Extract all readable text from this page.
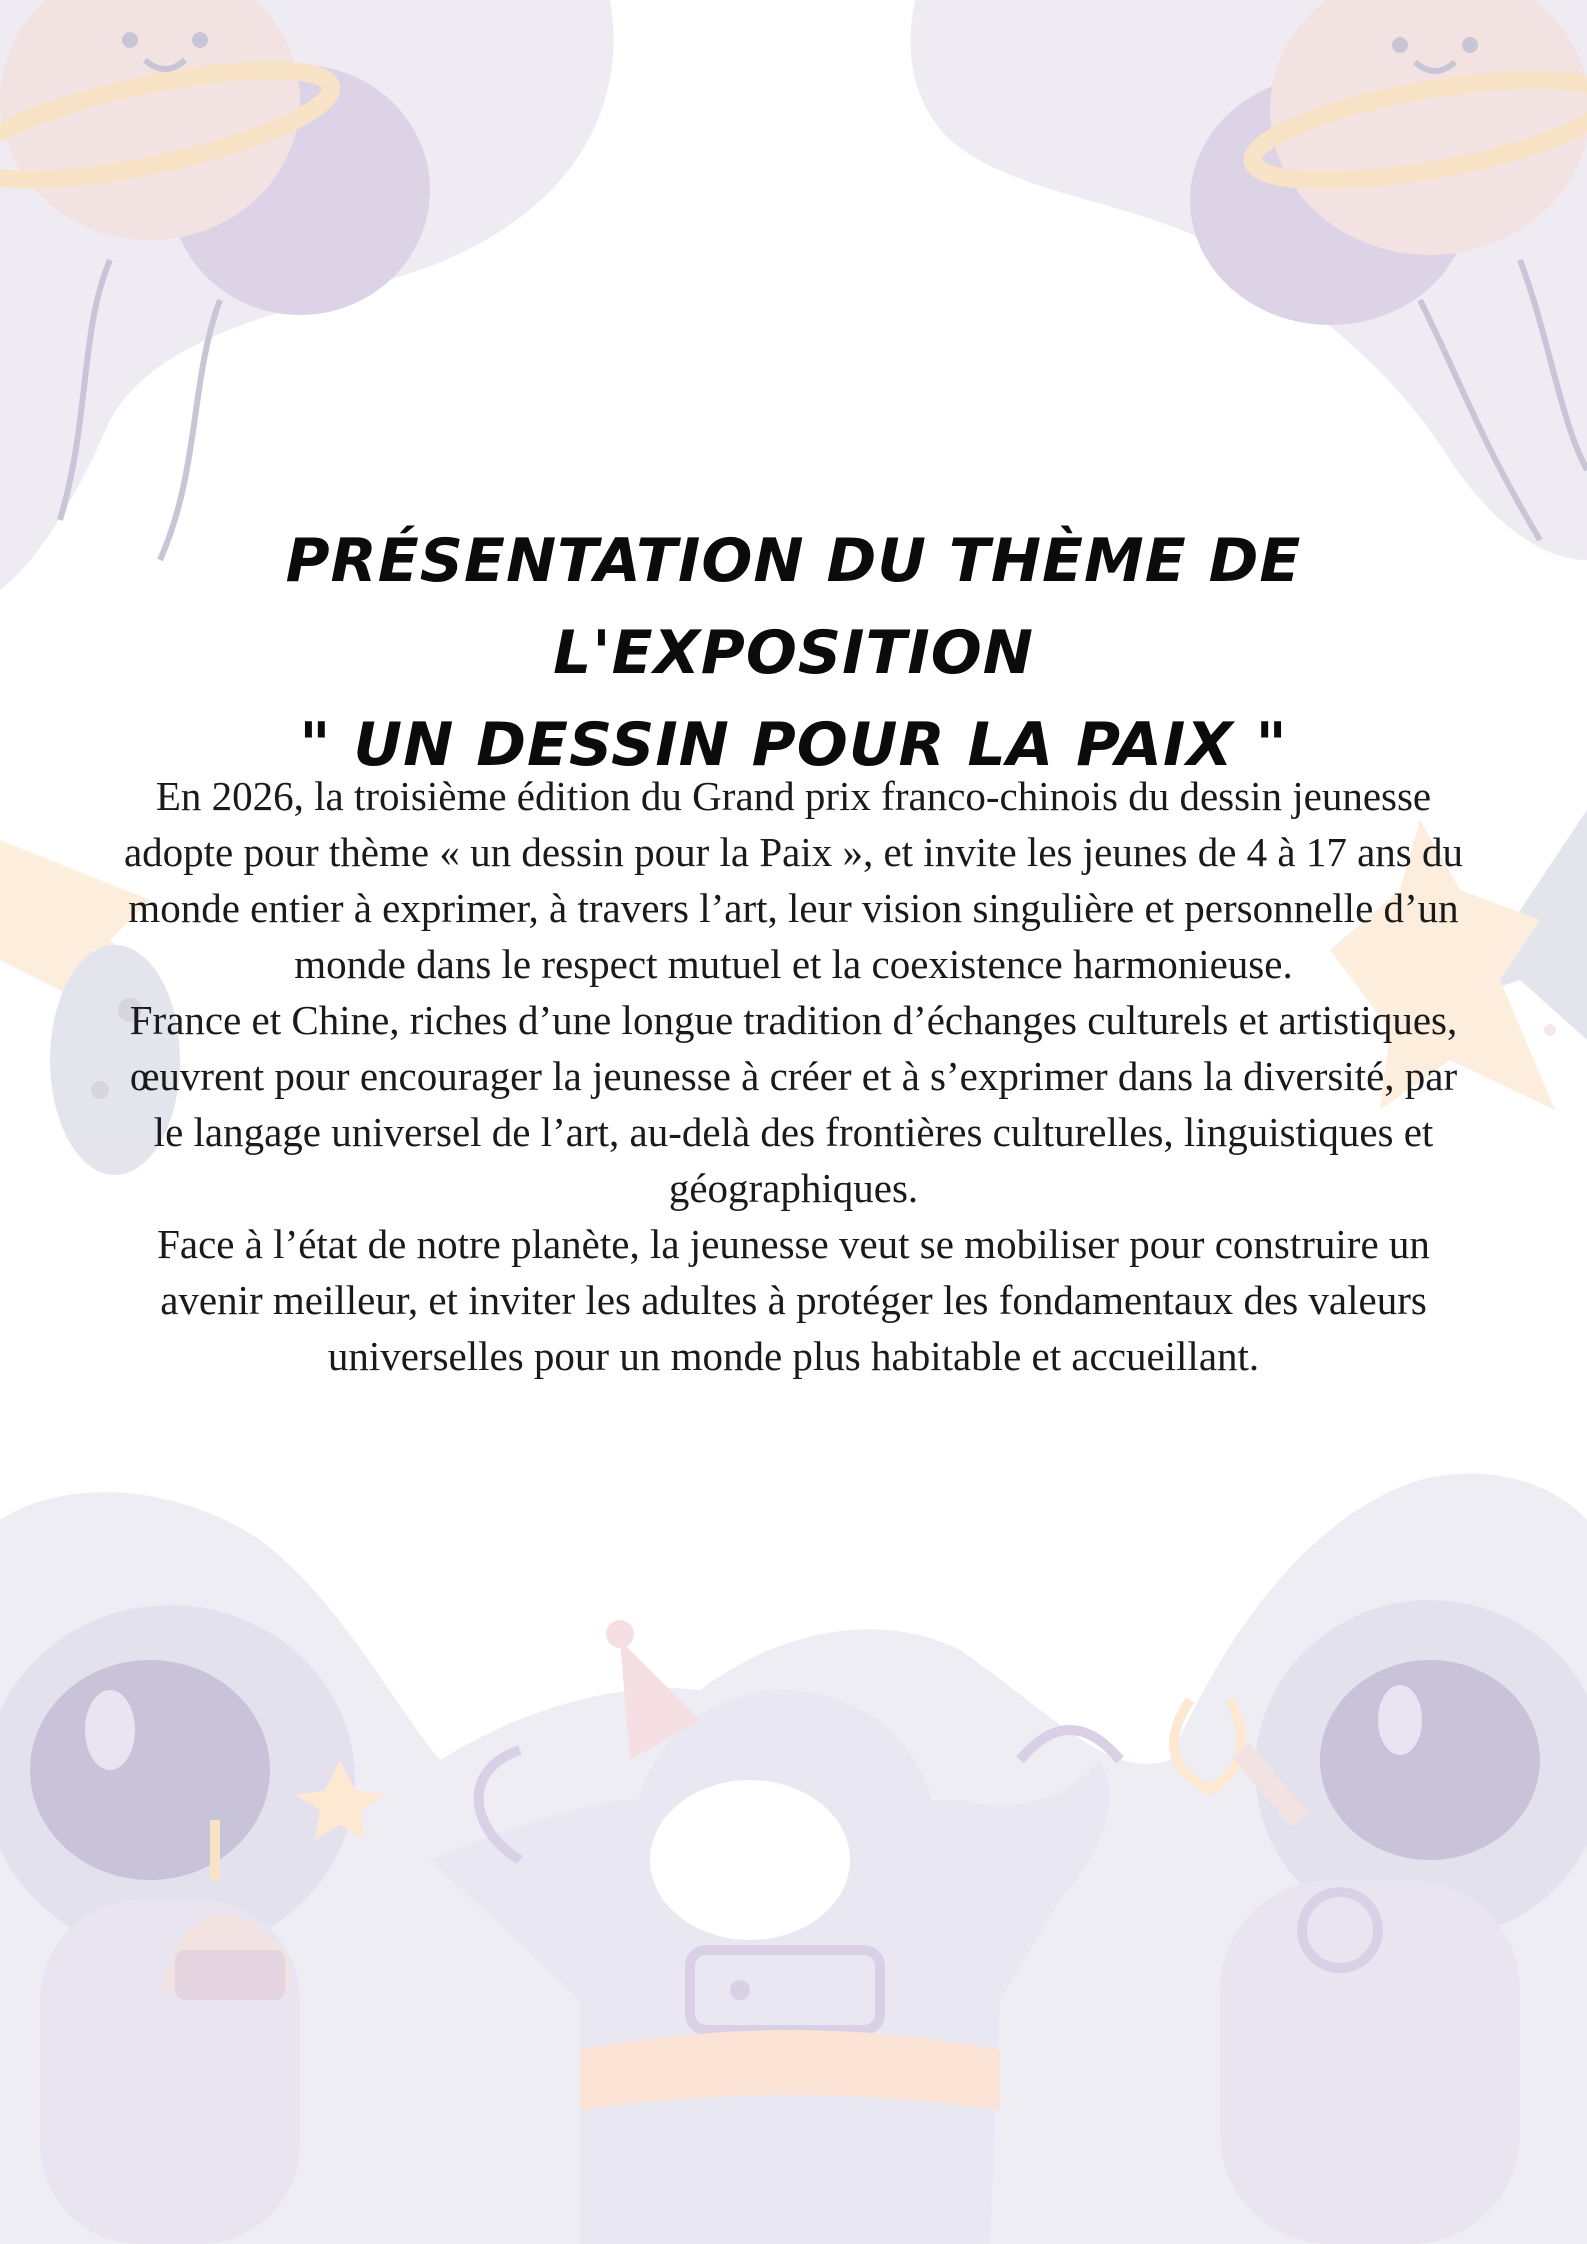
PRÉSENTATION DU THÈME DE L'EXPOSITION
" UN DESSIN POUR LA PAIX "

En 2026, la troisième édition du Grand prix franco-chinois du dessin jeunesse adopte pour thème « un dessin pour la Paix », et invite les jeunes de 4 à 17 ans du monde entier à exprimer, à travers l’art, leur vision singulière et personnelle d’un monde dans le respect mutuel et la coexistence harmonieuse.

France et Chine, riches d’une longue tradition d’échanges culturels et artistiques, œuvrent pour encourager la jeunesse à créer et à s’exprimer dans la diversité, par le langage universel de l’art, au-delà des frontières culturelles, linguistiques et géographiques.

Face à l’état de notre planète, la jeunesse veut se mobiliser pour construire un avenir meilleur, et inviter les adultes à protéger les fondamentaux des valeurs universelles pour un monde plus habitable et accueillant.
